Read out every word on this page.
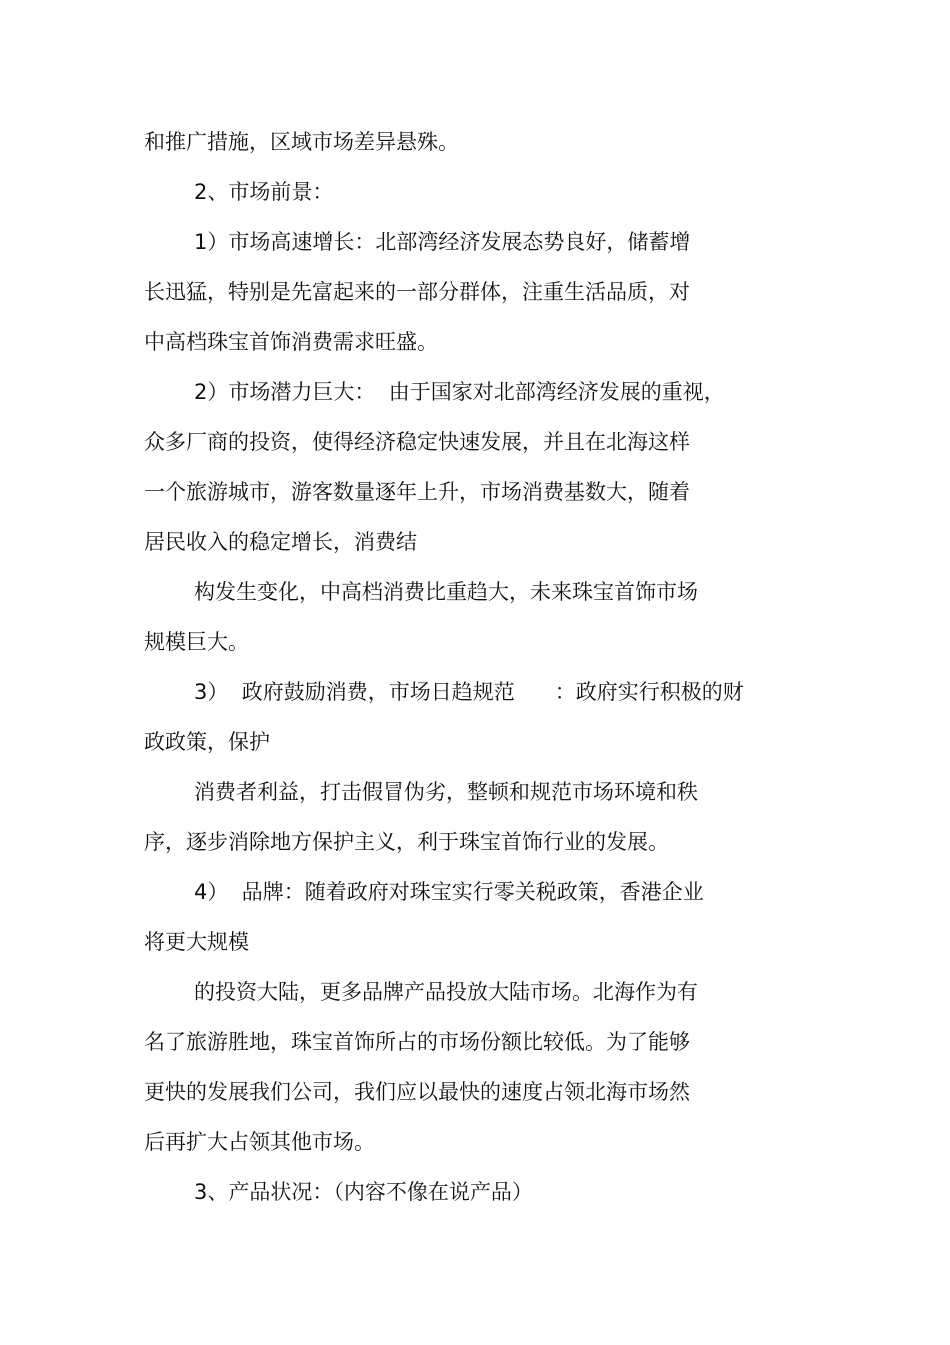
和推广措施，区域市场差异悬殊。
2、市场前景：
1）市场高速增长：北部湾经济发展态势良好，储蓄增
长迅猛，特别是先富起来的一部分群体，注重生活品质，对
中高档珠宝首饰消费需求旺盛。
2）市场潜力巨大：  由于国家对北部湾经济发展的重视，
众多厂商的投资，使得经济稳定快速发展，并且在北海这样
一个旅游城市，游客数量逐年上升，市场消费基数大，随着
居民收入的稳定增长，消费结
构发生变化，中高档消费比重趋大，未来珠宝首饰市场
规模巨大。
3）  政府鼓励消费，市场日趋规范      ：政府实行积极的财
政政策，保护
消费者利益，打击假冒伪劣，整顿和规范市场环境和秩
序，逐步消除地方保护主义，利于珠宝首饰行业的发展。
4）  品牌：随着政府对珠宝实行零关税政策，香港企业
将更大规模
的投资大陆，更多品牌产品投放大陆市场。北海作为有
名了旅游胜地，珠宝首饰所占的市场份额比较低。为了能够
更快的发展我们公司，我们应以最快的速度占领北海市场然
后再扩大占领其他市场。
3、产品状况：（内容不像在说产品）
